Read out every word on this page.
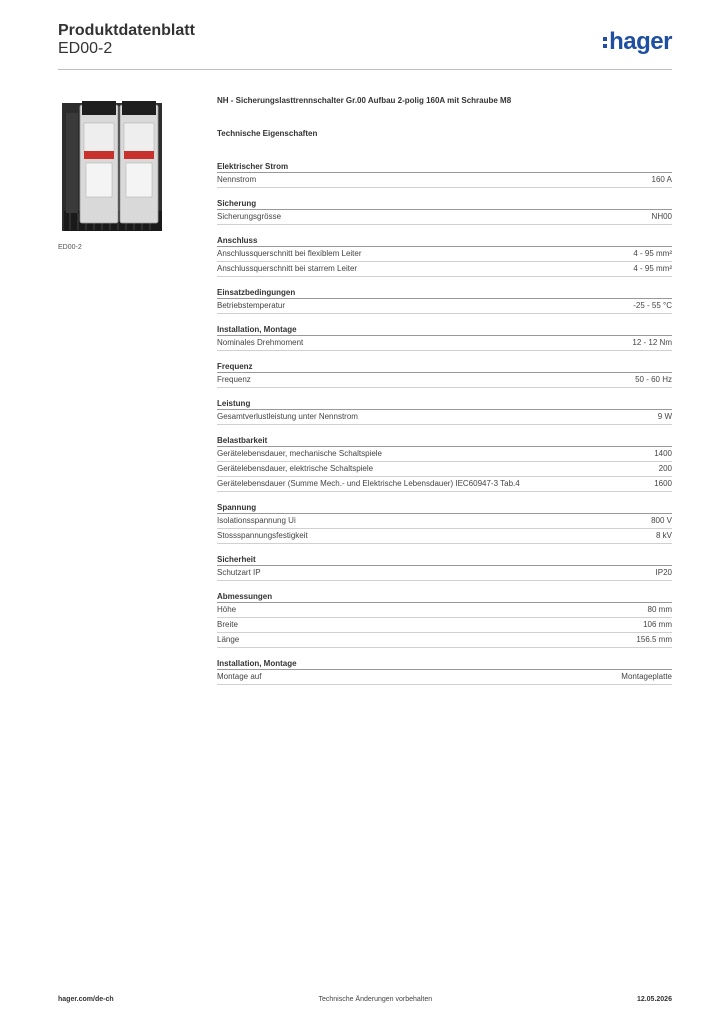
Produktdatenblatt
ED00-2	hager
ED00-2
NH - Sicherungslasttrennschalter Gr.00 Aufbau 2-polig 160A mit Schraube M8
Technische Eigenschaften
Elektrischer Strom
Nennstrom	160 A
Sicherung
Sicherungsgrösse	NH00
Anschluss
Anschlussquerschnitt bei flexiblem Leiter	4 - 95 mm²
Anschlussquerschnitt bei starrem Leiter	4 - 95 mm²
Einsatzbedingungen
Betriebstemperatur	-25 - 55 °C
Installation, Montage
Nominales Drehmoment	12 - 12 Nm
Frequenz
Frequenz	50 - 60 Hz
Leistung
Gesamtverlustleistung unter Nennstrom	9 W
Belastbarkeit
Gerätelebensdauer, mechanische Schaltspiele	1400
Gerätelebensdauer, elektrische Schaltspiele	200
Gerätelebensdauer (Summe Mech.- und Elektrische Lebensdauer) IEC60947-3 Tab.4	1600
Spannung
Isolationsspannung Ui	800 V
Stossspannungsfestigkeit	8 kV
Sicherheit
Schutzart IP	IP20
Abmessungen
Höhe	80 mm
Breite	106 mm
Länge	156.5 mm
Installation, Montage
Montage auf	Montageplatte
hager.com/de-ch	Technische Änderungen vorbehalten	12.05.2026
